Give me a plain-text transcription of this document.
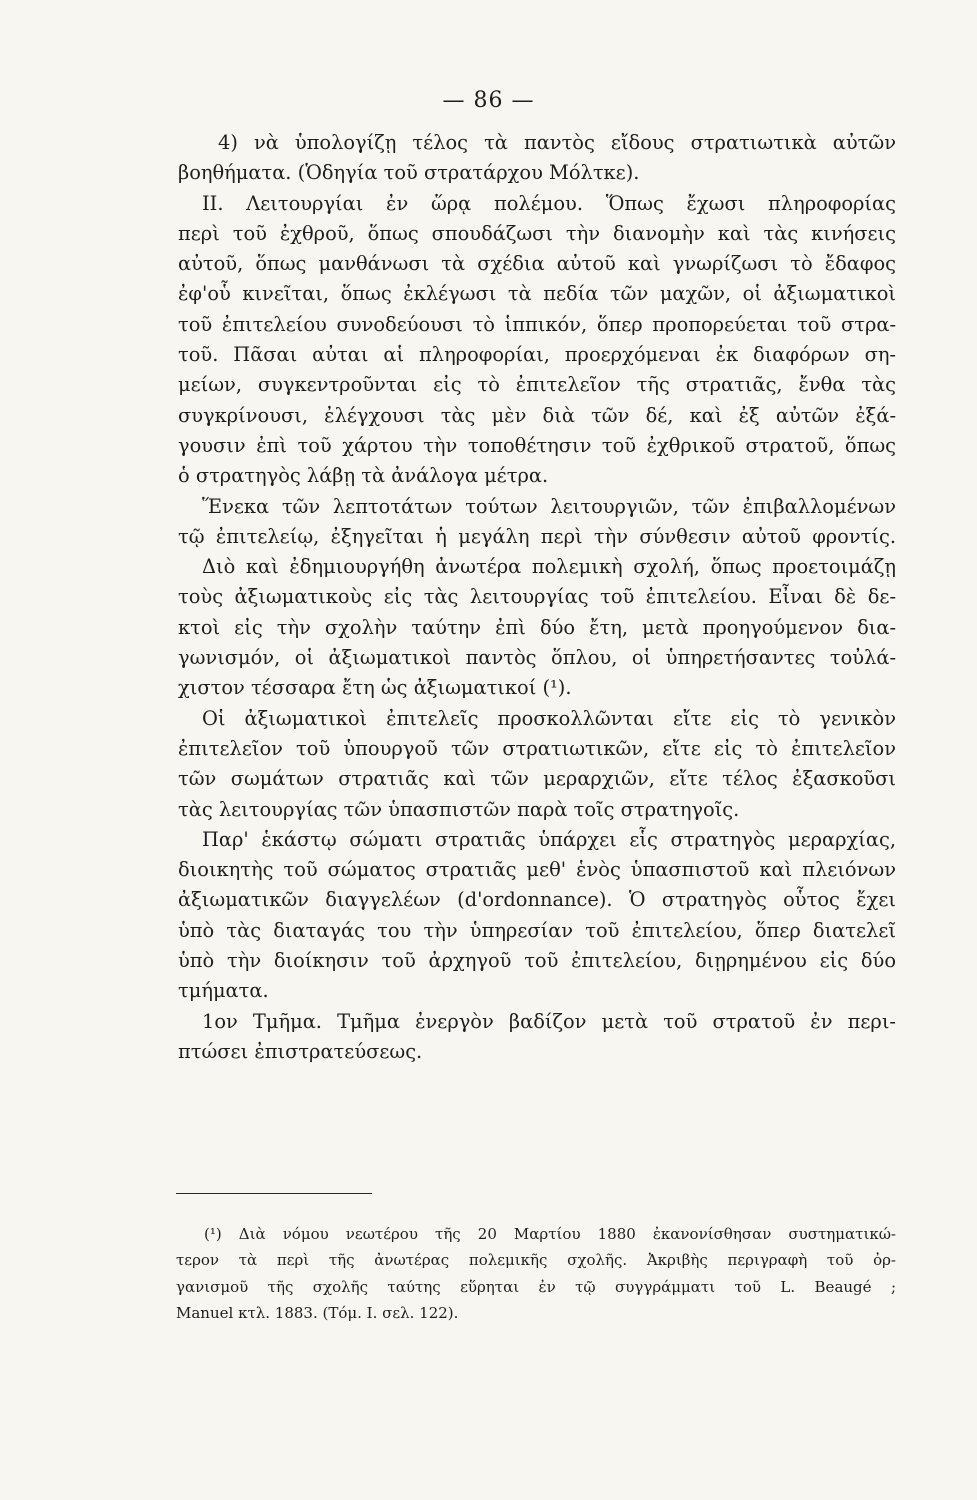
— 86 —
4) νὰ ὑπολογίζῃ τέλος τὰ παντὸς εἴδους στρατιωτικὰ αὐτῶν
βοηθήματα. (Ὁδηγία τοῦ στρατάρχου Μόλτκε).
II. Λειτουργίαι ἐν ὥρᾳ πολέμου. Ὅπως ἔχωσι πληροφορίας
περὶ τοῦ ἐχθροῦ, ὅπως σπουδάζωσι τὴν διανομὴν καὶ τὰς κινήσεις
αὐτοῦ, ὅπως μανθάνωσι τὰ σχέδια αὐτοῦ καὶ γνωρίζωσι τὸ ἔδαφος
ἐφ'οὗ κινεῖται, ὅπως ἐκλέγωσι τὰ πεδία τῶν μαχῶν, οἱ ἀξιωματικοὶ
τοῦ ἐπιτελείου συνοδεύουσι τὸ ἱππικόν, ὅπερ προπορεύεται τοῦ στρα-
τοῦ. Πᾶσαι αὐται αἱ πληροφορίαι, προερχόμεναι ἐκ διαφόρων ση-
μείων, συγκεντροῦνται εἰς τὸ ἐπιτελεῖον τῆς στρατιᾶς, ἔνθα τὰς
συγκρίνουσι, ἐλέγχουσι τὰς μὲν διὰ τῶν δέ, καὶ ἐξ αὐτῶν ἐξά-
γουσιν ἐπὶ τοῦ χάρτου τὴν τοποθέτησιν τοῦ ἐχθρικοῦ στρατοῦ, ὅπως
ὁ στρατηγὸς λάβῃ τὰ ἀνάλογα μέτρα.
Ἕνεκα τῶν λεπτοτάτων τούτων λειτουργιῶν, τῶν ἐπιβαλλομένων
τῷ ἐπιτελείῳ, ἐξηγεῖται ἡ μεγάλη περὶ τὴν σύνθεσιν αὐτοῦ φροντίς.
Διὸ καὶ ἐδημιουργήθη ἀνωτέρα πολεμικὴ σχολή, ὅπως προετοιμάζῃ
τοὺς ἀξιωματικοὺς εἰς τὰς λειτουργίας τοῦ ἐπιτελείου. Εἶναι δὲ δε-
κτοὶ εἰς τὴν σχολὴν ταύτην ἐπὶ δύο ἔτη, μετὰ προηγούμενον δια-
γωνισμόν, οἱ ἀξιωματικοὶ παντὸς ὅπλου, οἱ ὑπηρετήσαντες τοὐλά-
χιστον τέσσαρα ἔτη ὡς ἀξιωματικοί (¹).
Οἱ ἀξιωματικοὶ ἐπιτελεῖς προσκολλῶνται εἴτε εἰς τὸ γενικὸν
ἐπιτελεῖον τοῦ ὑπουργοῦ τῶν στρατιωτικῶν, εἴτε εἰς τὸ ἐπιτελεῖον
τῶν σωμάτων στρατιᾶς καὶ τῶν μεραρχιῶν, εἴτε τέλος ἐξασκοῦσι
τὰς λειτουργίας τῶν ὑπασπιστῶν παρὰ τοῖς στρατηγοῖς.
Παρ' ἑκάστῳ σώματι στρατιᾶς ὑπάρχει εἷς στρατηγὸς μεραρχίας,
διοικητὴς τοῦ σώματος στρατιᾶς μεθ' ἑνὸς ὑπασπιστοῦ καὶ πλειόνων
ἀξιωματικῶν διαγγελέων (d'ordonnance). Ὁ στρατηγὸς οὗτος ἔχει
ὑπὸ τὰς διαταγάς του τὴν ὑπηρεσίαν τοῦ ἐπιτελείου, ὅπερ διατελεῖ
ὑπὸ τὴν διοίκησιν τοῦ ἀρχηγοῦ τοῦ ἐπιτελείου, διῃρημένου εἰς δύο
τμήματα.
1ον Τμῆμα. Τμῆμα ἐνεργὸν βαδίζον μετὰ τοῦ στρατοῦ ἐν περι-
πτώσει ἐπιστρατεύσεως.
(¹) Διὰ νόμου νεωτέρου τῆς 20 Μαρτίου 1880 ἐκανονίσθησαν συστηματικώ-
τερον τὰ περὶ τῆς ἀνωτέρας πολεμικῆς σχολῆς. Ἀκριβὴς περιγραφὴ τοῦ ὀρ-
γανισμοῦ τῆς σχολῆς ταύτης εὕρηται ἐν τῷ συγγράμματι τοῦ L. Beaugé ;
Manuel κτλ. 1883. (Τόμ. I. σελ. 122).
